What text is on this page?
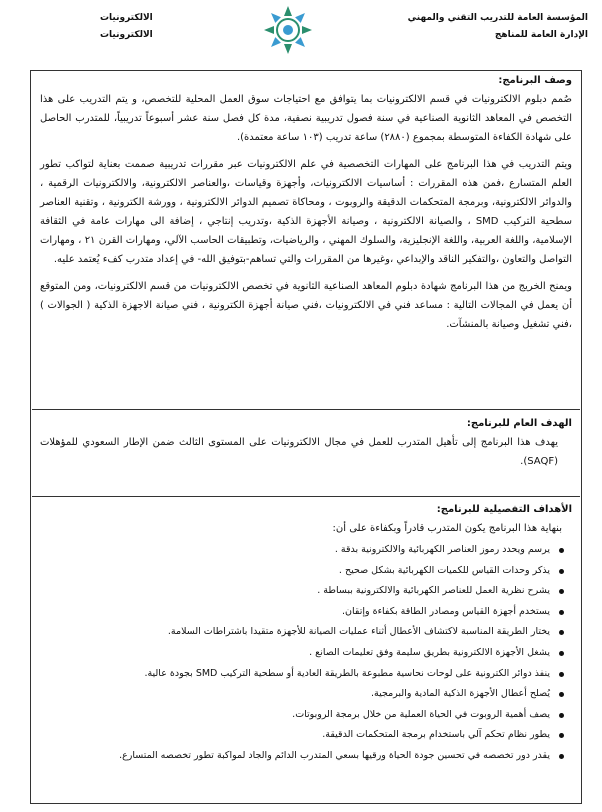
المؤسسة العامة للتدريب التقني والمهني
الإدارة العامة للمناهج
الالكترونيات
الالكترونيات
وصف البرنامج:

صُمم دبلوم الالكترونيات في قسم الالكترونيات بما يتوافق مع احتياجات سوق العمل المحلية للتخصص، و يتم التدريب على هذا التخصص في المعاهد الثانوية الصناعية في سنة فصول تدريبية نصفية، مدة كل فصل سنة عشر أسبوعاً تدريبياً، للمتدرب الحاصل على شهادة الكفاءة المتوسطة بمجموع (٢٨٨٠) ساعة تدريب (١٠٣ ساعة معتمدة).

ويتم التدريب في هذا البرنامج على المهارات التخصصية في علم الالكترونيات عبر مقررات تدريبية صممت بعناية لتواكب تطور العلم المتسارع ،فمن هذه المقررات : أساسيات الالكترونيات، وأجهزة وقياسات ،والعناصر الالكترونية، والالكترونيات الرقمية ، والدوائر الالكترونية، وبرمجة المتحكمات الدقيقة والروبوت ، ومحاكاة تصميم الدوائر الالكترونية ، وورشة الكترونية ، وتقنية العناصر سطحية التركيب SMD ، والصيانة الالكترونية ، وصيانة الأجهزة الذكية ،وتدريب إنتاجي ، إضافة الى مهارات عامة في الثقافة الإسلامية، واللغة العربية، واللغة الإنجليزية، والسلوك المهني ، والرياضيات، وتطبيقات الحاسب الآلي، ومهارات القرن ٢١ ، ومهارات التواصل والتعاون ،والتفكير الناقد والإبداعي ،وغيرها من المقررات والتي تساهم-بتوفيق الله- في إعداد متدرب كفء يُعتمد عليه.

ويمنح الخريج من هذا البرنامج شهادة دبلوم المعاهد الصناعية الثانوية في تخصص الالكترونيات من قسم الالكترونيات، ومن المتوقع أن يعمل في المجالات التالية : مساعد فني في الالكترونيات ،فني صيانة أجهزة الكترونية ، فني صيانة الاجهزة الذكية ( الجوالات ) ،فني تشغيل وصيانة بالمنشآت.

الهدف العام للبرنامج:

يهدف هذا البرنامج إلى تأهيل المتدرب للعمل في مجال الالكترونيات على المستوى الثالث ضمن الإطار السعودي للمؤهلات (SAQF).

الأهداف التفصيلية للبرنامج:

بنهاية هذا البرنامج يكون المتدرب قادراً وبكفاءة على أن:

يرسم ويحدد رموز العناصر الكهربائية والالكترونية بدقة .
يذكر وحدات القياس للكميات الكهربائية بشكل صحيح .
يشرح نظرية العمل للعناصر الكهربائية والالكترونية ببساطة .
يستخدم أجهزة القياس ومصادر الطاقة بكفاءة وإتقان.
يختار الطريقة المناسبة لاكتشاف الأعطال أثناء عمليات الصيانة للأجهزة متقيدا باشتراطات السلامة.
يشغل الأجهزة الالكترونية بطريق سليمة وفق تعليمات الصانع .
ينفذ دوائر الكترونية على لوحات نحاسية مطبوعة بالطريقة العادية أو سطحية التركيب SMD بجودة عالية.
يُصلح أعطال الأجهزة الذكية المادية والبرمجية.
يصف أهمية الروبوت في الحياة العملية من خلال برمجة الروبوتات.
يطور نظام تحكم آلي باستخدام برمجة المتحكمات الدقيقة.
يقدر دور تخصصه في تحسين جودة الحياة ورقيها بسعي المتدرب الدائم والجاد لمواكبة تطور تخصصه المتسارع.
